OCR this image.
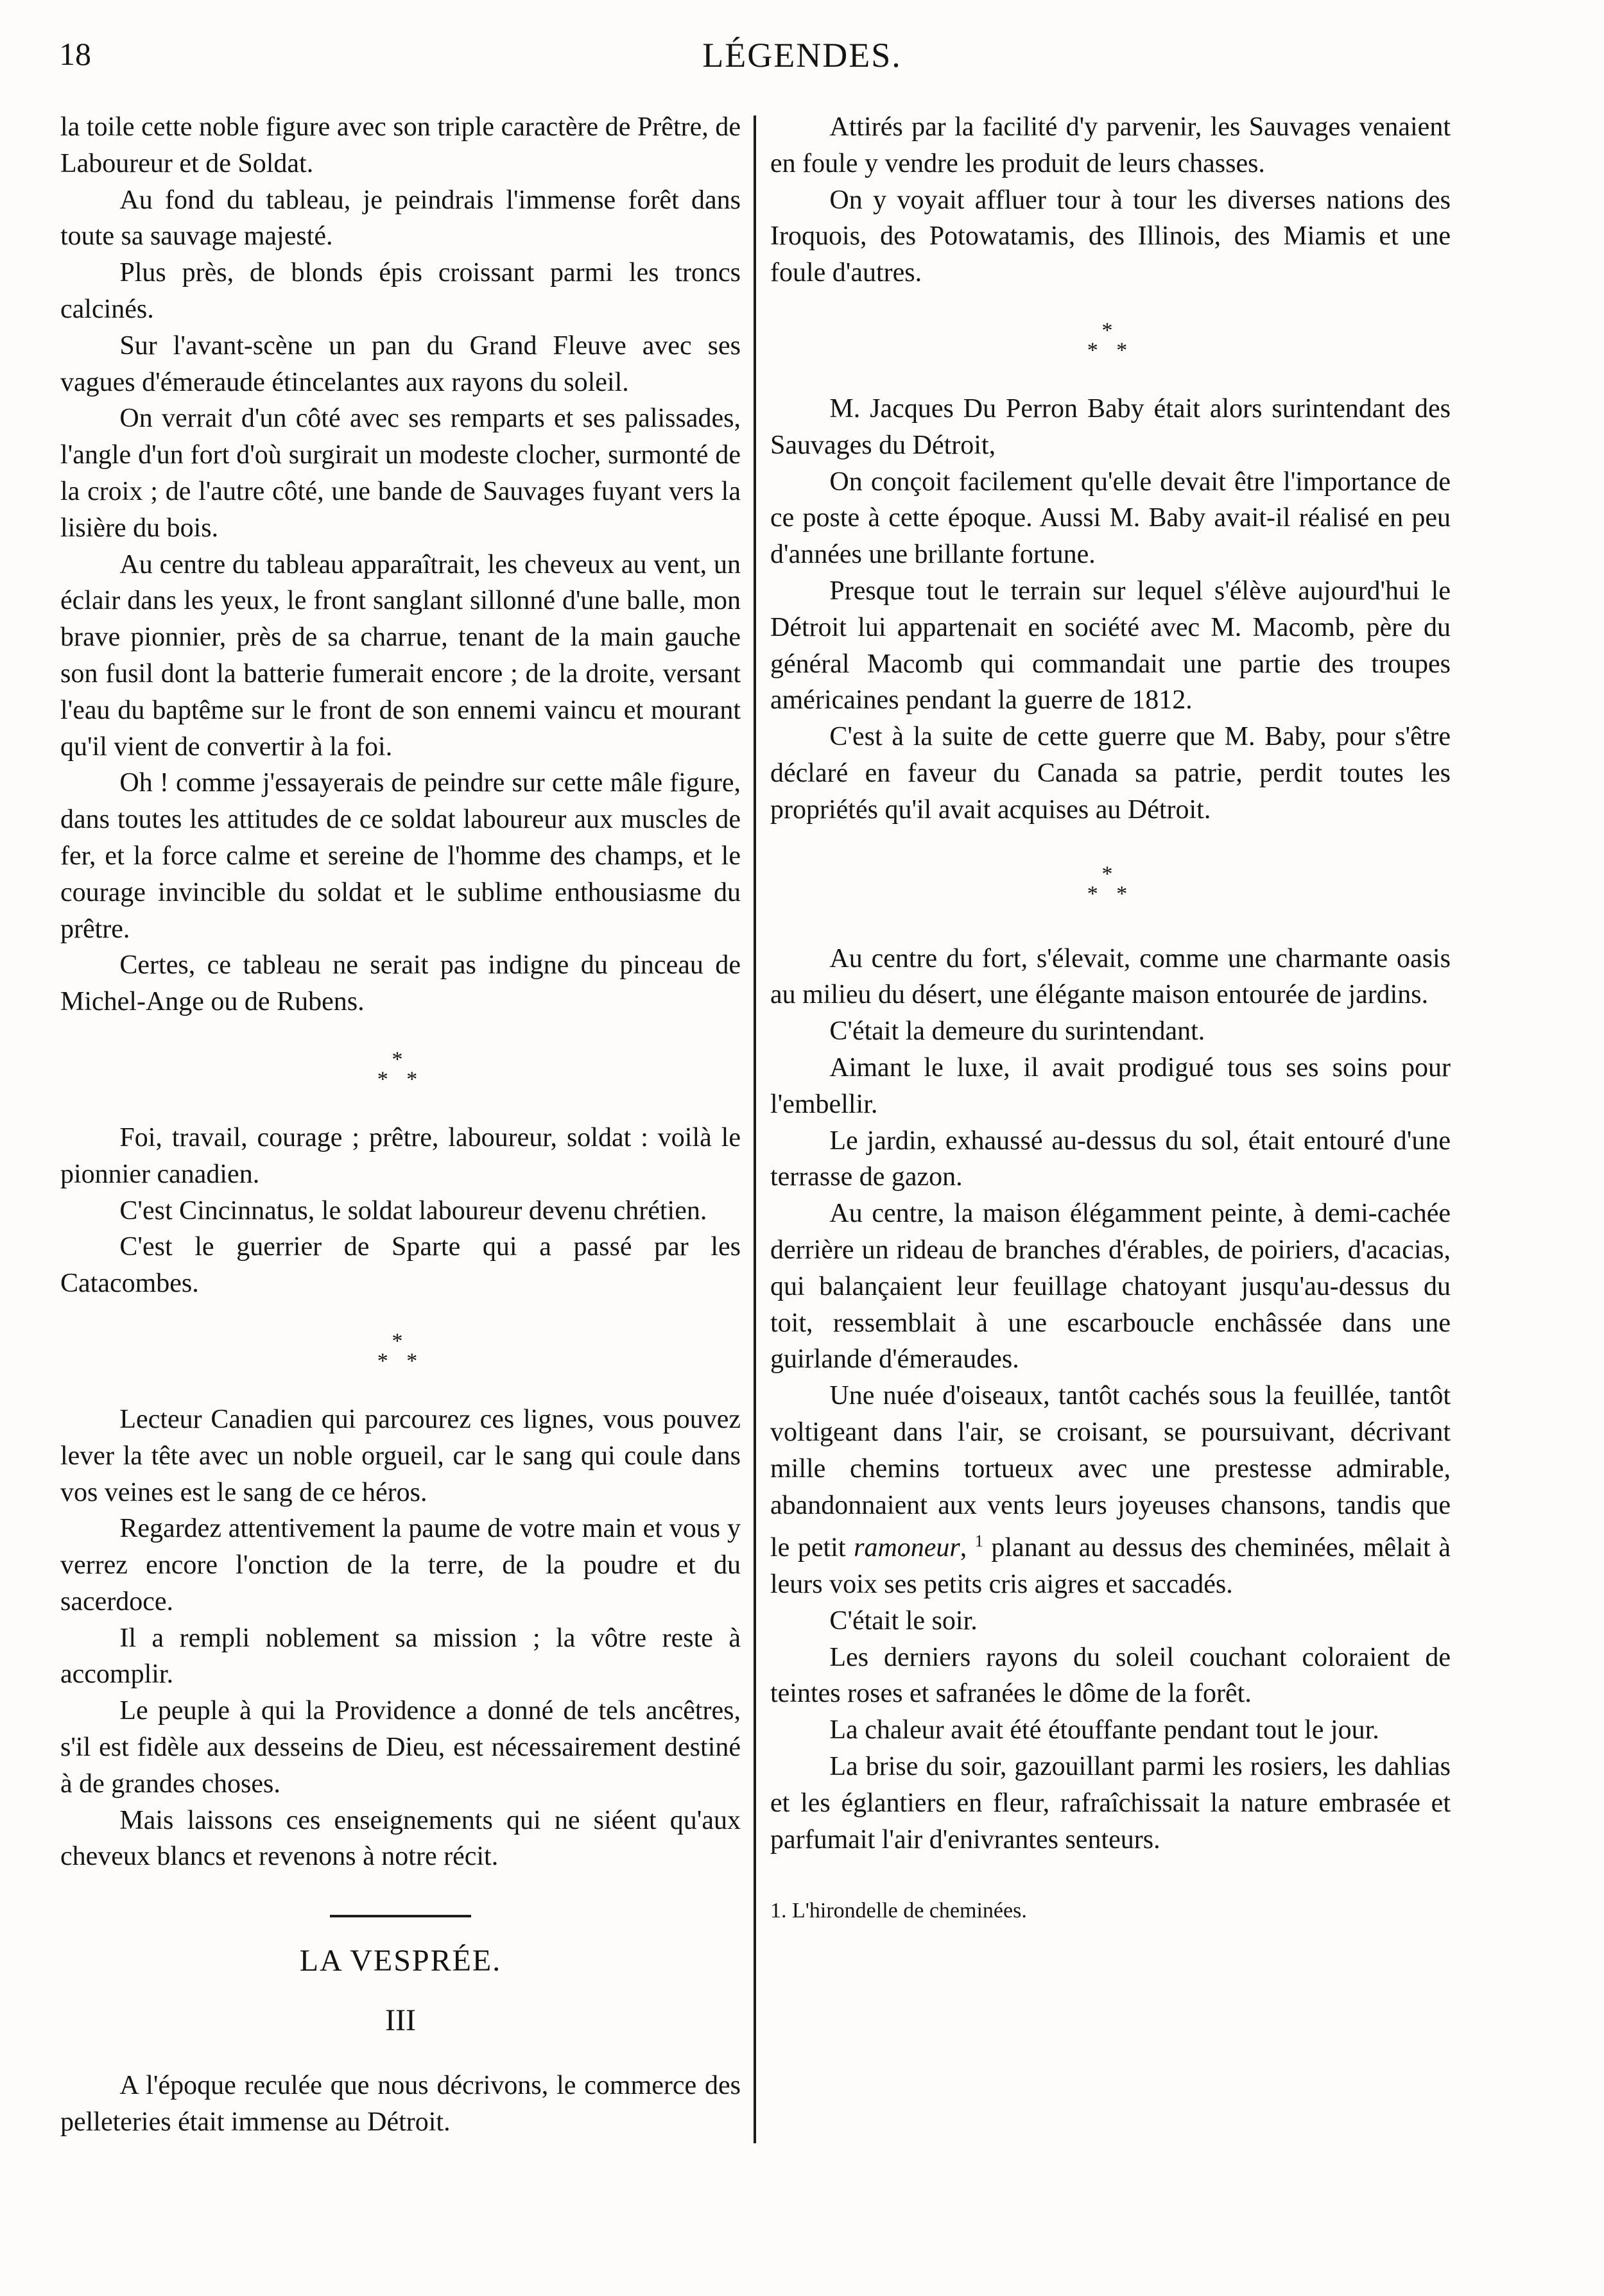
18	LÉGENDES.

la toile cette noble figure avec son triple caractère de Prêtre, de Laboureur et de Soldat.

Au fond du tableau, je peindrais l'immense forêt dans toute sa sauvage majesté.

Plus près, de blonds épis croissant parmi les troncs calcinés.

Sur l'avant-scène un pan du Grand Fleuve avec ses vagues d'émeraude étincelantes aux rayons du soleil.

On verrait d'un côté avec ses remparts et ses palissades, l'angle d'un fort d'où surgirait un modeste clocher, surmonté de la croix ; de l'autre côté, une bande de Sauvages fuyant vers la lisière du bois.

Au centre du tableau apparaîtrait, les cheveux au vent, un éclair dans les yeux, le front sanglant sillonné d'une balle, mon brave pionnier, près de sa charrue, tenant de la main gauche son fusil dont la batterie fumerait encore ; de la droite, versant l'eau du baptême sur le front de son ennemi vaincu et mourant qu'il vient de convertir à la foi.

Oh ! comme j'essayerais de peindre sur cette mâle figure, dans toutes les attitudes de ce soldat laboureur aux muscles de fer, et la force calme et sereine de l'homme des champs, et le courage invincible du soldat et le sublime enthousiasme du prêtre.

Certes, ce tableau ne serait pas indigne du pinceau de Michel-Ange ou de Rubens.

*
* *

Foi, travail, courage ; prêtre, laboureur, soldat : voilà le pionnier canadien.

C'est Cincinnatus, le soldat laboureur devenu chrétien.

C'est le guerrier de Sparte qui a passé par les Catacombes.

*
* *

Lecteur Canadien qui parcourez ces lignes, vous pouvez lever la tête avec un noble orgueil, car le sang qui coule dans vos veines est le sang de ce héros.

Regardez attentivement la paume de votre main et vous y verrez encore l'onction de la terre, de la poudre et du sacerdoce.

Il a rempli noblement sa mission ; la vôtre reste à accomplir.

Le peuple à qui la Providence a donné de tels ancêtres, s'il est fidèle aux desseins de Dieu, est nécessairement destiné à de grandes choses.

Mais laissons ces enseignements qui ne siéent qu'aux cheveux blancs et revenons à notre récit.

LA VESPRÉE.
III

A l'époque reculée que nous décrivons, le commerce des pelleteries était immense au Détroit.

Attirés par la facilité d'y parvenir, les Sauvages venaient en foule y vendre les produit de leurs chasses.

On y voyait affluer tour à tour les diverses nations des Iroquois, des Potowatamis, des Illinois, des Miamis et une foule d'autres.

*
* *

M. Jacques Du Perron Baby était alors surintendant des Sauvages du Détroit,

On conçoit facilement qu'elle devait être l'importance de ce poste à cette époque. Aussi M. Baby avait-il réalisé en peu d'années une brillante fortune.

Presque tout le terrain sur lequel s'élève aujourd'hui le Détroit lui appartenait en société avec M. Macomb, père du général Macomb qui commandait une partie des troupes américaines pendant la guerre de 1812.

C'est à la suite de cette guerre que M. Baby, pour s'être déclaré en faveur du Canada sa patrie, perdit toutes les propriétés qu'il avait acquises au Détroit.

*
* *

Au centre du fort, s'élevait, comme une charmante oasis au milieu du désert, une élégante maison entourée de jardins.

C'était la demeure du surintendant.

Aimant le luxe, il avait prodigué tous ses soins pour l'embellir.

Le jardin, exhaussé au-dessus du sol, était entouré d'une terrasse de gazon.

Au centre, la maison élégamment peinte, à demi-cachée derrière un rideau de branches d'érables, de poiriers, d'acacias, qui balançaient leur feuillage chatoyant jusqu'au-dessus du toit, ressemblait à une escarboucle enchâssée dans une guirlande d'émeraudes.

Une nuée d'oiseaux, tantôt cachés sous la feuillée, tantôt voltigeant dans l'air, se croisant, se poursuivant, décrivant mille chemins tortueux avec une prestesse admirable, abandonnaient aux vents leurs joyeuses chansons, tandis que le petit ramoneur, $^1$ planant au dessus des cheminées, mêlait à leurs voix ses petits cris aigres et saccadés.

C'était le soir.

Les derniers rayons du soleil couchant coloraient de teintes roses et safranées le dôme de la forêt.

La chaleur avait été étouffante pendant tout le jour.

La brise du soir, gazouillant parmi les rosiers, les dahlias et les églantiers en fleur, rafraîchissait la nature embrasée et parfumait l'air d'enivrantes senteurs.

1. L'hirondelle de cheminées.
